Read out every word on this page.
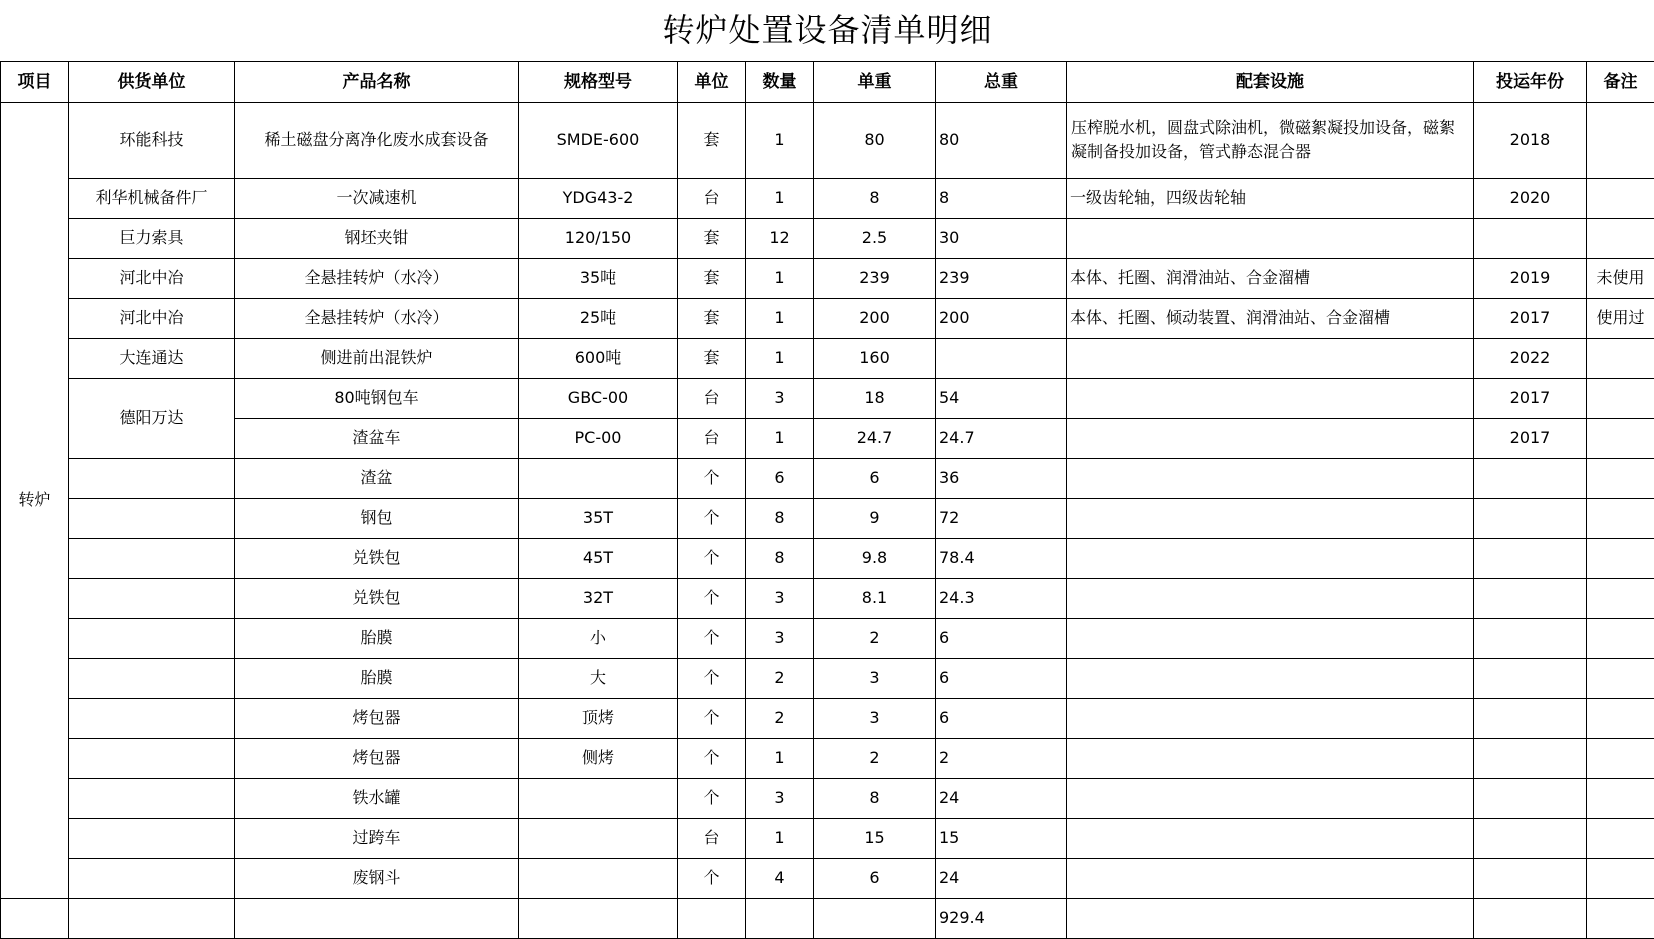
转炉处置设备清单明细										
项目	供货单位	产品名称	规格型号	单位	数量	单重	总重	配套设施	投运年份	备注
转炉	环能科技	稀土磁盘分离净化废水成套设备	SMDE-600	套	1	80	80	压榨脱水机，圆盘式除油机，微磁絮凝投加设备，磁絮凝制备投加设备，管式静态混合器	2018	
	利华机械备件厂	一次减速机	YDG43-2	台	1	8	8	一级齿轮轴，四级齿轮轴	2020	
	巨力索具	钢坯夹钳	120/150	套	12	2.5	30			
	河北中冶	全悬挂转炉（水冷）	35吨	套	1	239	239	本体、托圈、润滑油站、合金溜槽	2019	未使用
	河北中冶	全悬挂转炉（水冷）	25吨	套	1	200	200	本体、托圈、倾动装置、润滑油站、合金溜槽	2017	使用过
	大连通达	侧进前出混铁炉	600吨	套	1	160			2022	
	德阳万达	80吨钢包车	GBC-00	台	3	18	54		2017	
		渣盆车	PC-00	台	1	24.7	24.7		2017	
		渣盆		个	6	6	36			
		钢包	35T	个	8	9	72			
		兑铁包	45T	个	8	9.8	78.4			
		兑铁包	32T	个	3	8.1	24.3			
		胎膜	小	个	3	2	6			
		胎膜	大	个	2	3	6			
		烤包器	顶烤	个	2	3	6			
		烤包器	侧烤	个	1	2	2			
		铁水罐		个	3	8	24			
		过跨车		台	1	15	15			
		废钢斗		个	4	6	24			
							929.4			
